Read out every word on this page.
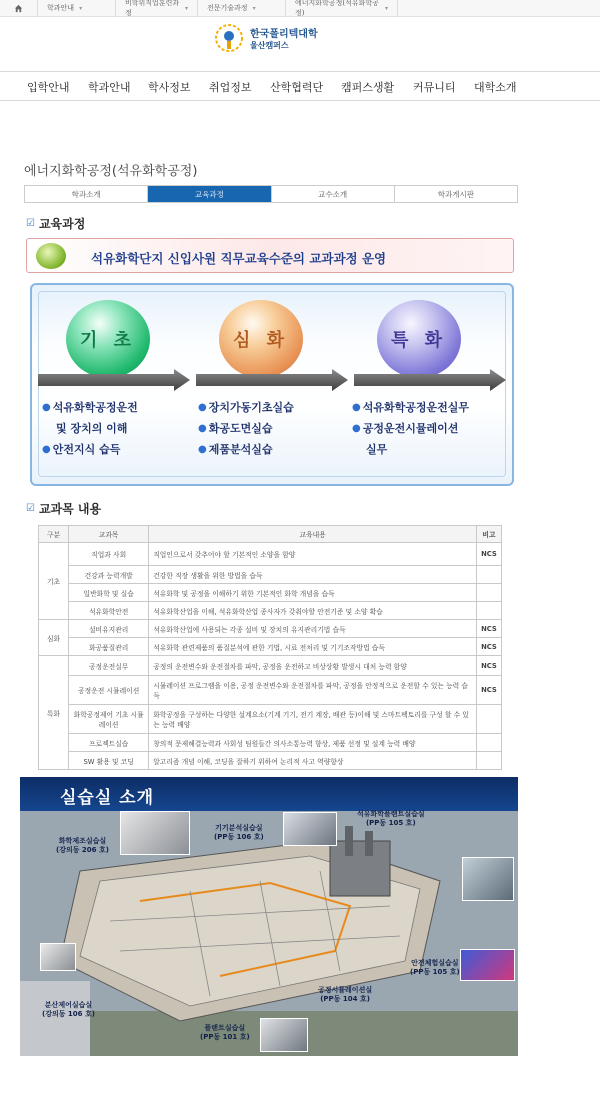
학과안내 ▾
비학위직업훈련과정
▾	전문기술과정 ▾
에너지화학공정(석유화학공정)
▾
한국폴리텍대학
울산캠퍼스
입학안내 학과안내 학사정보 취업정보 산학협력단 캠퍼스생활 커뮤니티 대학소개
에너지화학공정(석유화학공정)
학과소개	교육과정	교수소개	학과게시판
☑ 교육과정
석유화학단지 신입사원 직무교육수준의 교과과정 운영
기 초	심 화	특 화
● 석유화학공정운전
및 장치의 이해
● 안전지식 습득
● 장치가동기초실습
● 화공도면실습
● 제품분석실습
● 석유화학공정운전실무
● 공정운전시뮬레이션
실무
☑ 교과목 내용
구분	교과목	교육내용	비고
기초	직업과 사회	직업인으로서 갖추어야 할 기본적인 소양을 함양	NCS
	건강과 능력개발	건강한 직장 생활을 위한 방법을 습득	
	일반화학 및 실습	석유화학 및 공정을 이해하기 위한 기본적인 화학 개념을 습득	
	석유화학안전	석유화학산업을 이해, 석유화학산업 종사자가 갖춰야할 안전기준 및 소양 확습	
심화	설비유지관리	석유화학산업에 사용되는 각종 설비 및 장치의 유지관리기법 습득	NCS
	화공품질관리	석유화학 관련제품의 품질분석에 관한 기법, 시료 전처리 및 기기조작방법 습득	NCS
특화	공정운전실무	공정의 운전변수와 운전절차를 파악, 공정을 운전하고 비상상황 발생시 대처 능력 함양	NCS
	공정운전 시뮬레이션	시뮬레이션 프로그램을 이용, 공정 운전변수와 운전절차를 파악, 공정을 안정적으로 운전할 수 있는 능력 습득	NCS
	화학공정제어 기초 시뮬레이션	화학공정을 구성하는 다양한 설계요소(기계 기기, 전기 계장, 배관 등)이해 및 스마트팩토리를 구성 할 수 있는 능력 배양	
	프로젝트실습	창의적 문제해결능력과 사회성 팀원들간 의사소통능력 향상, 제품 선정 및 설계 능력 배양	
	SW 활용 및 코딩	알고리즘 개념 이해, 코딩을 잘하기 위하여 논리적 사고 역량향상	
실습실 소개
화학제조실습실
(강의동 206 호)
기기분석실습실
(PP동 106 호)
석유화학플랜트실습실
(PP동 105 호)
공정시뮬레이션실
(PP동 104 호)
안전체험실습실
(PP동 105 호)
분산제어실습실
(강의동 106 호)
플랜트실습실
(PP동 101 호)
